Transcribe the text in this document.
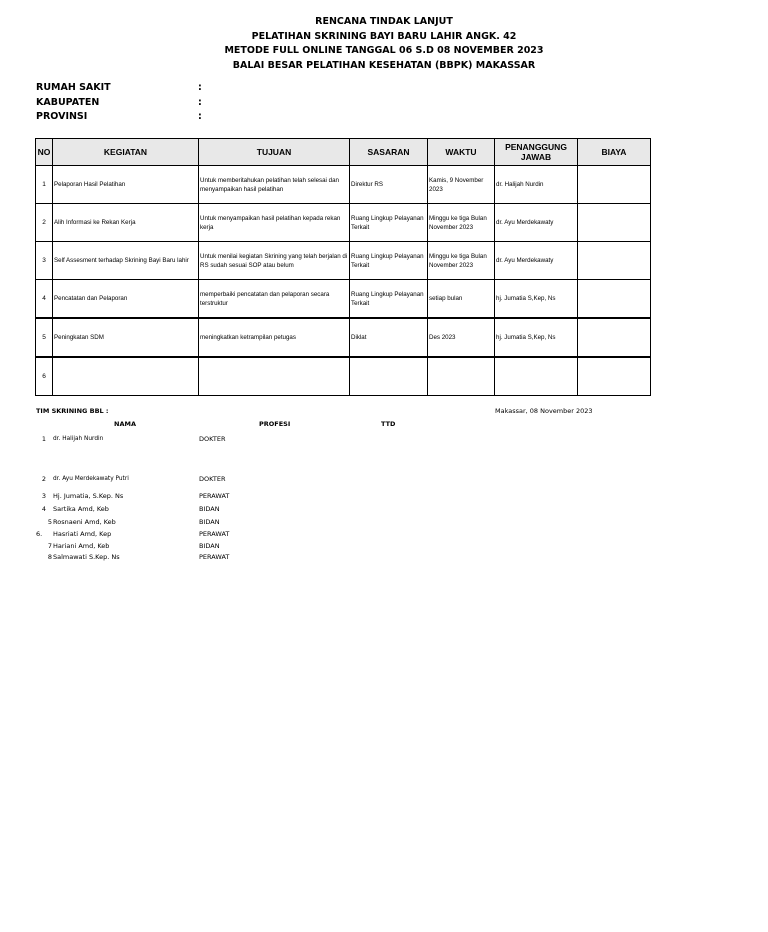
RENCANA TINDAK LANJUT
PELATIHAN SKRINING BAYI BARU LAHIR ANGK. 42
METODE FULL ONLINE TANGGAL 06 S.D 08 NOVEMBER 2023
BALAI BESAR PELATIHAN KESEHATAN (BBPK) MAKASSAR
RUMAH SAKIT	:
KABUPATEN	:
PROVINSI	:
NO	KEGIATAN	TUJUAN	SASARAN	WAKTU	PENANGGUNG JAWAB	BIAYA
1	Pelaporan Hasil Pelatihan	Untuk memberitahukan pelatihan telah selesai dan menyampaikan hasil pelatihan	Direktur RS	Kamis, 9 November 2023	dr. Halijah Nurdin	
2	Alih Informasi ke Rekan Kerja	Untuk menyampaikan hasil pelatihan kepada rekan kerja	Ruang Lingkup Pelayanan Terkait	Minggu ke tiga Bulan November 2023	dr. Ayu Merdekawaty	
3	Self Assesment terhadap Skrining Bayi Baru lahir	Untuk menilai kegiatan Skrining yang telah berjalan di RS sudah sesuai SOP atau belum	Ruang Lingkup Pelayanan Terkait	Minggu ke tiga Bulan November 2023	dr. Ayu Merdekawaty	
4	Pencatatan dan Pelaporan	memperbaiki pencatatan dan pelaporan secara terstruktur	Ruang Lingkup Pelayanan Terkait	setiap bulan	hj. Jumatia S,Kep, Ns	
5	Peningkatan SDM	meningkatkan ketrampilan petugas	Diklat	Des 2023	hj. Jumatia S,Kep, Ns	
6						
TIM SKRINING BBL :	Makassar, 08 November 2023
NAMA	PROFESI	TTD
1 dr. Halijah Nurdin	DOKTER
2 dr. Ayu Merdekawaty Putri	DOKTER
3 Hj. Jumatia, S.Kep. Ns	PERAWAT
4 Sartika Amd, Keb	BIDAN
5 Rosnaeni Amd, Keb	BIDAN
6. Hasriati Amd, Kep	PERAWAT
7 Hariani Amd, Keb	BIDAN
8 Salmawati S.Kep. Ns	PERAWAT
